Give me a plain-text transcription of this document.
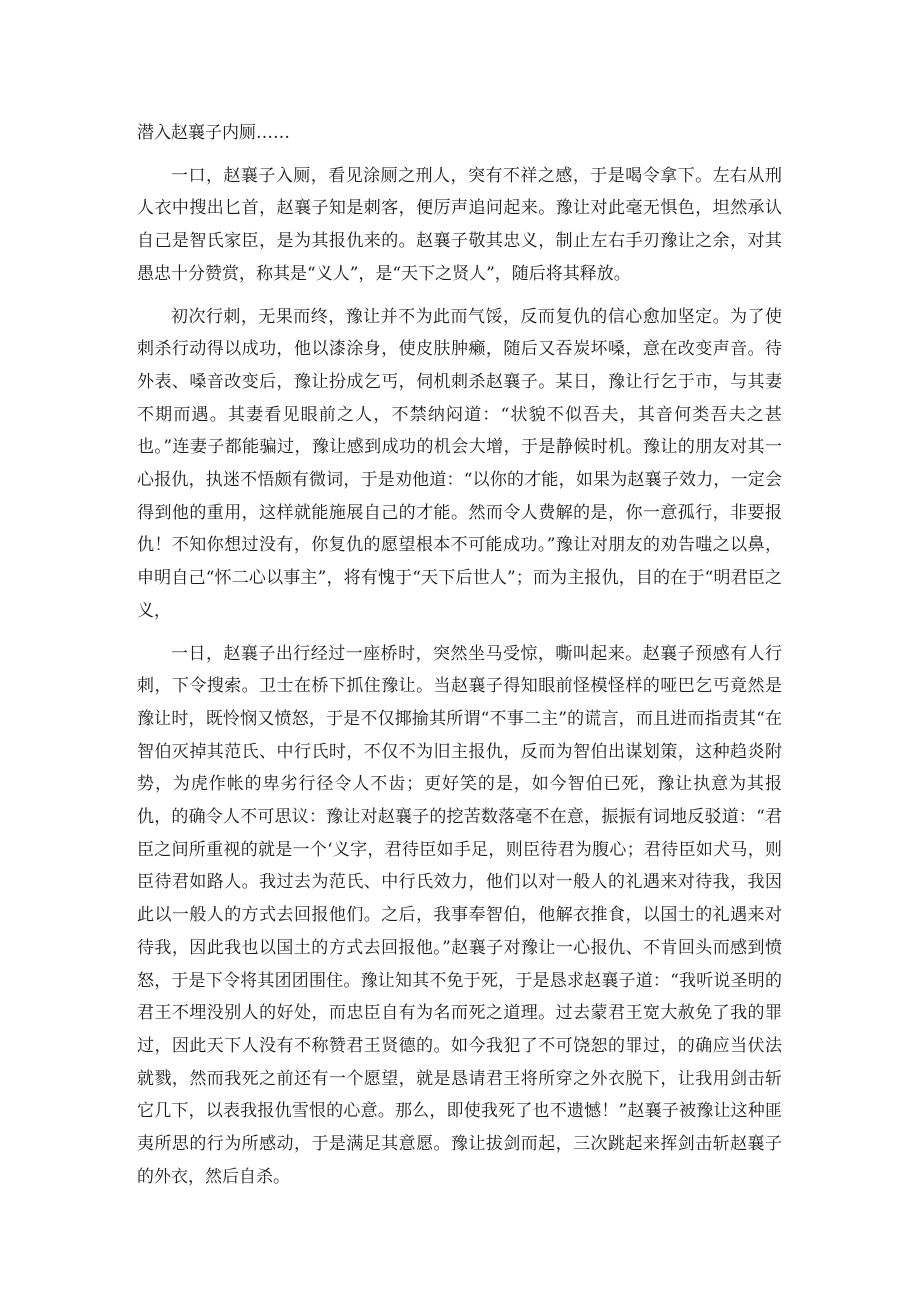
潜入赵襄子内厕……

一口，赵襄子入厕，看见涂厕之刑人，突有不祥之感，于是喝令拿下。左右从刑人衣中搜出匕首，赵襄子知是刺客，便厉声追问起来。豫让对此毫无惧色，坦然承认自己是智氏家臣，是为其报仇来的。赵襄子敬其忠义，制止左右手刃豫让之余，对其愚忠十分赞赏，称其是“义人”，是“天下之贤人”，随后将其释放。

初次行刺，无果而终，豫让并不为此而气馁，反而复仇的信心愈加坚定。为了使刺杀行动得以成功，他以漆涂身，使皮肤肿癞，随后又吞炭坏嗓，意在改变声音。待外表、嗓音改变后，豫让扮成乞丐，伺机刺杀赵襄子。某日，豫让行乞于市，与其妻不期而遇。其妻看见眼前之人，不禁纳闷道：“状貌不似吾夫，其音何类吾夫之甚也。”连妻子都能骗过，豫让感到成功的机会大增，于是静候时机。豫让的朋友对其一心报仇，执迷不悟颇有微词，于是劝他道：“以你的才能，如果为赵襄子效力，一定会得到他的重用，这样就能施展自己的才能。然而令人费解的是，你一意孤行，非要报仇！不知你想过没有，你复仇的愿望根本不可能成功。”豫让对朋友的劝告嗤之以鼻，申明自己“怀二心以事主”，将有愧于“天下后世人”；而为主报仇，目的在于“明君臣之义，

一日，赵襄子出行经过一座桥时，突然坐马受惊，嘶叫起来。赵襄子预感有人行刺，下令搜索。卫士在桥下抓住豫让。当赵襄子得知眼前怪模怪样的哑巴乞丐竟然是豫让时，既怜悯又愤怒，于是不仅揶揄其所谓“不事二主”的谎言，而且进而指责其“在智伯灭掉其范氏、中行氏时，不仅不为旧主报仇，反而为智伯出谋划策，这种趋炎附势，为虎作帐的卑劣行径令人不齿；更好笑的是，如今智伯已死，豫让执意为其报仇，的确令人不可思议：豫让对赵襄子的挖苦数落毫不在意，振振有词地反驳道：“君臣之间所重视的就是一个‘义字，君待臣如手足，则臣待君为腹心；君待臣如犬马，则臣待君如路人。我过去为范氏、中行氏效力，他们以对一般人的礼遇来对待我，我因此以一般人的方式去回报他们。之后，我事奉智伯，他解衣推食，以国士的礼遇来对待我，因此我也以国土的方式去回报他。”赵襄子对豫让一心报仇、不肯回头而感到愤怒，于是下令将其团团围住。豫让知其不免于死，于是恳求赵襄子道：“我听说圣明的君王不埋没别人的好处，而忠臣自有为名而死之道理。过去蒙君王宽大赦免了我的罪过，因此天下人没有不称赞君王贤德的。如今我犯了不可饶恕的罪过，的确应当伏法就戮，然而我死之前还有一个愿望，就是恳请君王将所穿之外衣脱下，让我用剑击斩它几下，以表我报仇雪恨的心意。那么，即使我死了也不遗憾！”赵襄子被豫让这种匪夷所思的行为所感动，于是满足其意愿。豫让拔剑而起，三次跳起来挥剑击斩赵襄子的外衣，然后自杀。
